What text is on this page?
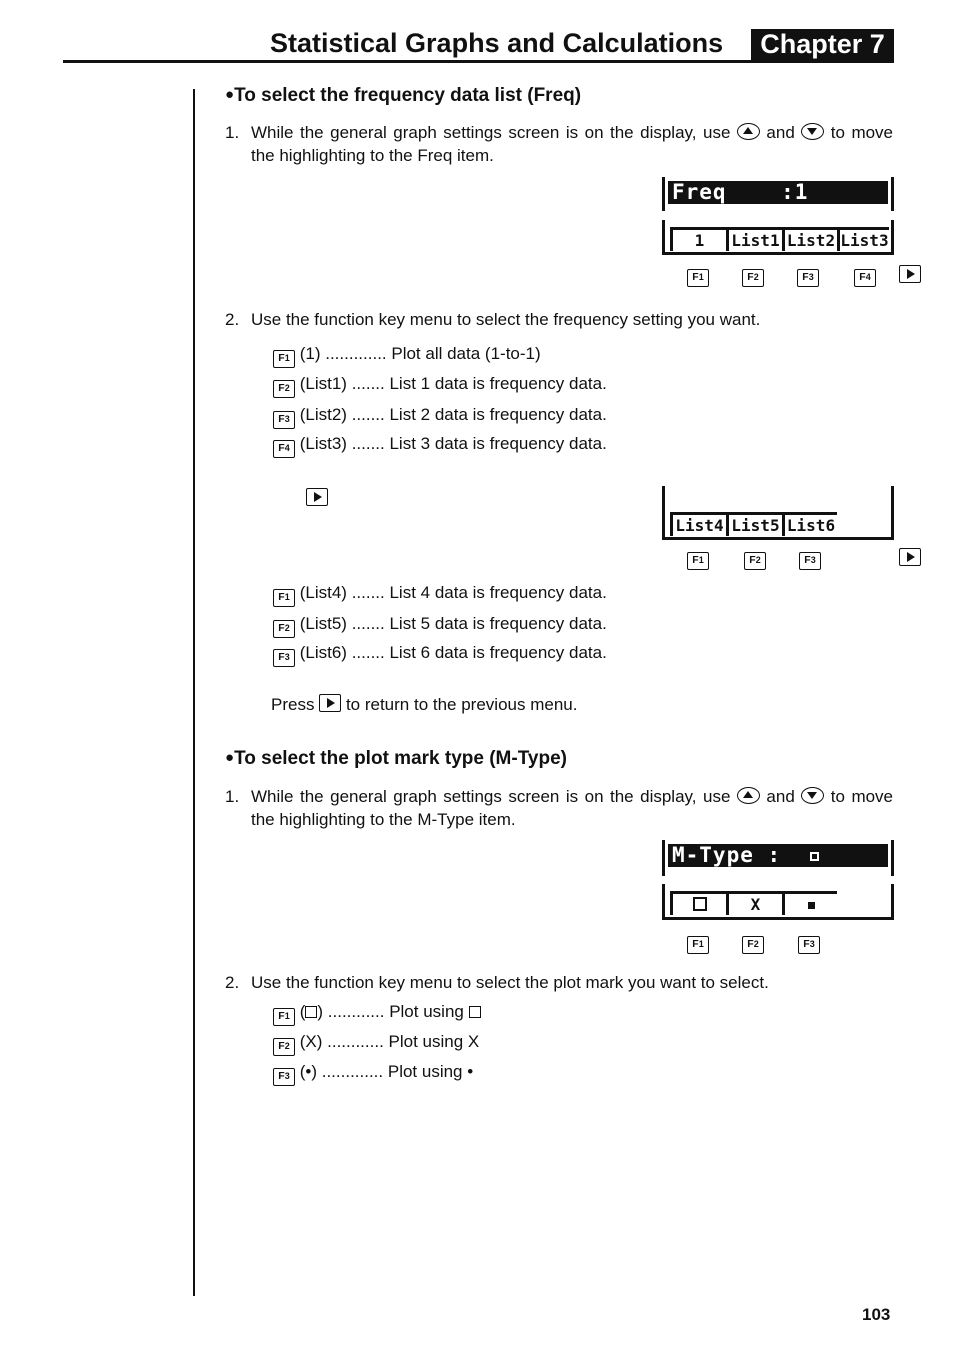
Statistical Graphs and Calculations	Chapter 7
●To select the frequency data list (Freq)
1. While the general graph settings screen is on the display, use and to move the highlighting to the Freq item.
Freq    :1
1	List1 List2 List3
F1	F2	F3	F4
2. Use the function key menu to select the frequency setting you want.
F1 (1) ............. Plot all data (1-to-1)
F2 (List1) ....... List 1 data is frequency data.
F3 (List2) ....... List 2 data is frequency data.
F4 (List3) ....... List 3 data is frequency data.
List4 List5 List6
F1	F2	F3
F1 (List4) ....... List 4 data is frequency data.
F2 (List5) ....... List 5 data is frequency data.
F3 (List6) ....... List 6 data is frequency data.
Press to return to the previous menu.
●To select the plot mark type (M-Type)
1. While the general graph settings screen is on the display, use and to move the highlighting to the M-Type item.
M-Type :
X
F1	F2	F3
2. Use the function key menu to select the plot mark you want to select.
F1 ( ) ............ Plot using
F2 (X) ............ Plot using X
F3 (•) ............. Plot using •
103
